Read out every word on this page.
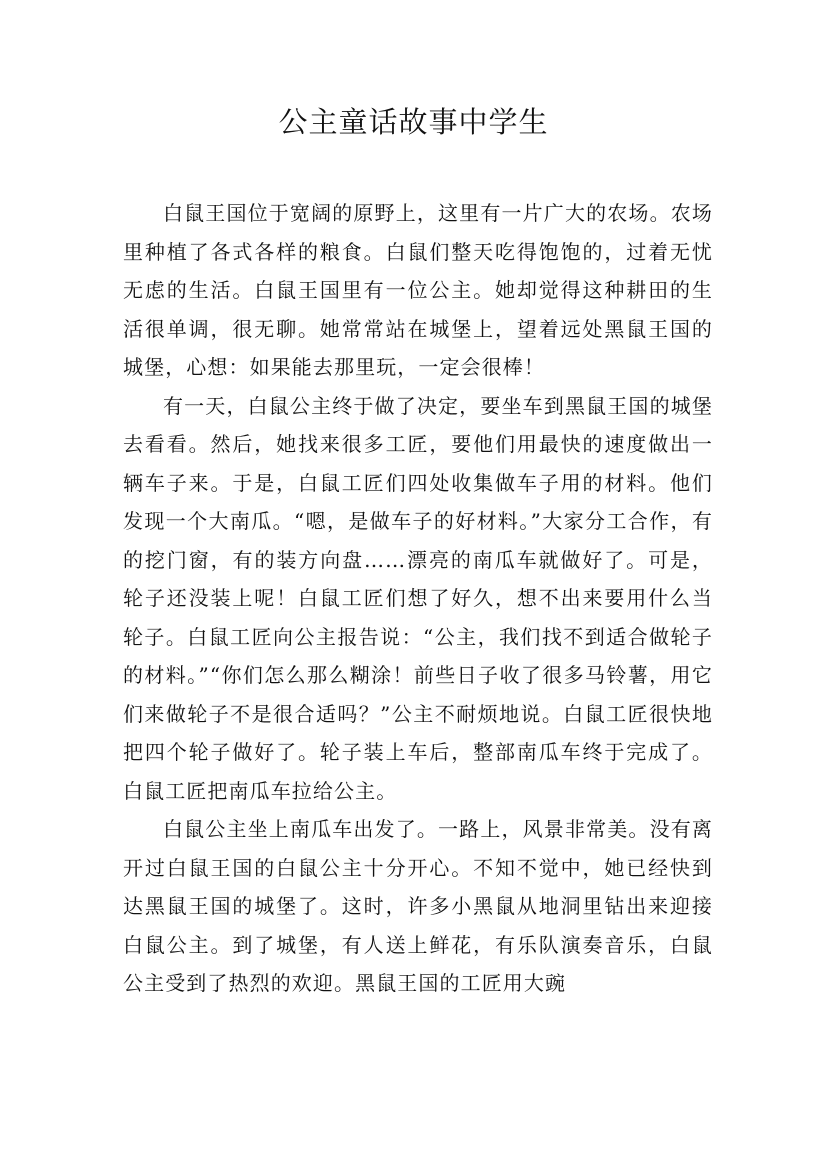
公主童话故事中学生

白鼠王国位于宽阔的原野上，这里有一片广大的农场。农场里种植了各式各样的粮食。白鼠们整天吃得饱饱的，过着无忧无虑的生活。白鼠王国里有一位公主。她却觉得这种耕田的生活很单调，很无聊。她常常站在城堡上，望着远处黑鼠王国的城堡，心想：如果能去那里玩，一定会很棒！

有一天，白鼠公主终于做了决定，要坐车到黑鼠王国的城堡去看看。然后，她找来很多工匠，要他们用最快的速度做出一辆车子来。于是，白鼠工匠们四处收集做车子用的材料。他们发现一个大南瓜。“嗯，是做车子的好材料。”大家分工合作，有的挖门窗，有的装方向盘……漂亮的南瓜车就做好了。可是，轮子还没装上呢！白鼠工匠们想了好久，想不出来要用什么当轮子。白鼠工匠向公主报告说：“公主，我们找不到适合做轮子的材料。”“你们怎么那么糊涂！前些日子收了很多马铃薯，用它们来做轮子不是很合适吗？”公主不耐烦地说。白鼠工匠很快地把四个轮子做好了。轮子装上车后，整部南瓜车终于完成了。白鼠工匠把南瓜车拉给公主。

白鼠公主坐上南瓜车出发了。一路上，风景非常美。没有离开过白鼠王国的白鼠公主十分开心。不知不觉中，她已经快到达黑鼠王国的城堡了。这时，许多小黑鼠从地洞里钻出来迎接白鼠公主。到了城堡，有人送上鲜花，有乐队演奏音乐，白鼠公主受到了热烈的欢迎。黑鼠王国的工匠用大豌
